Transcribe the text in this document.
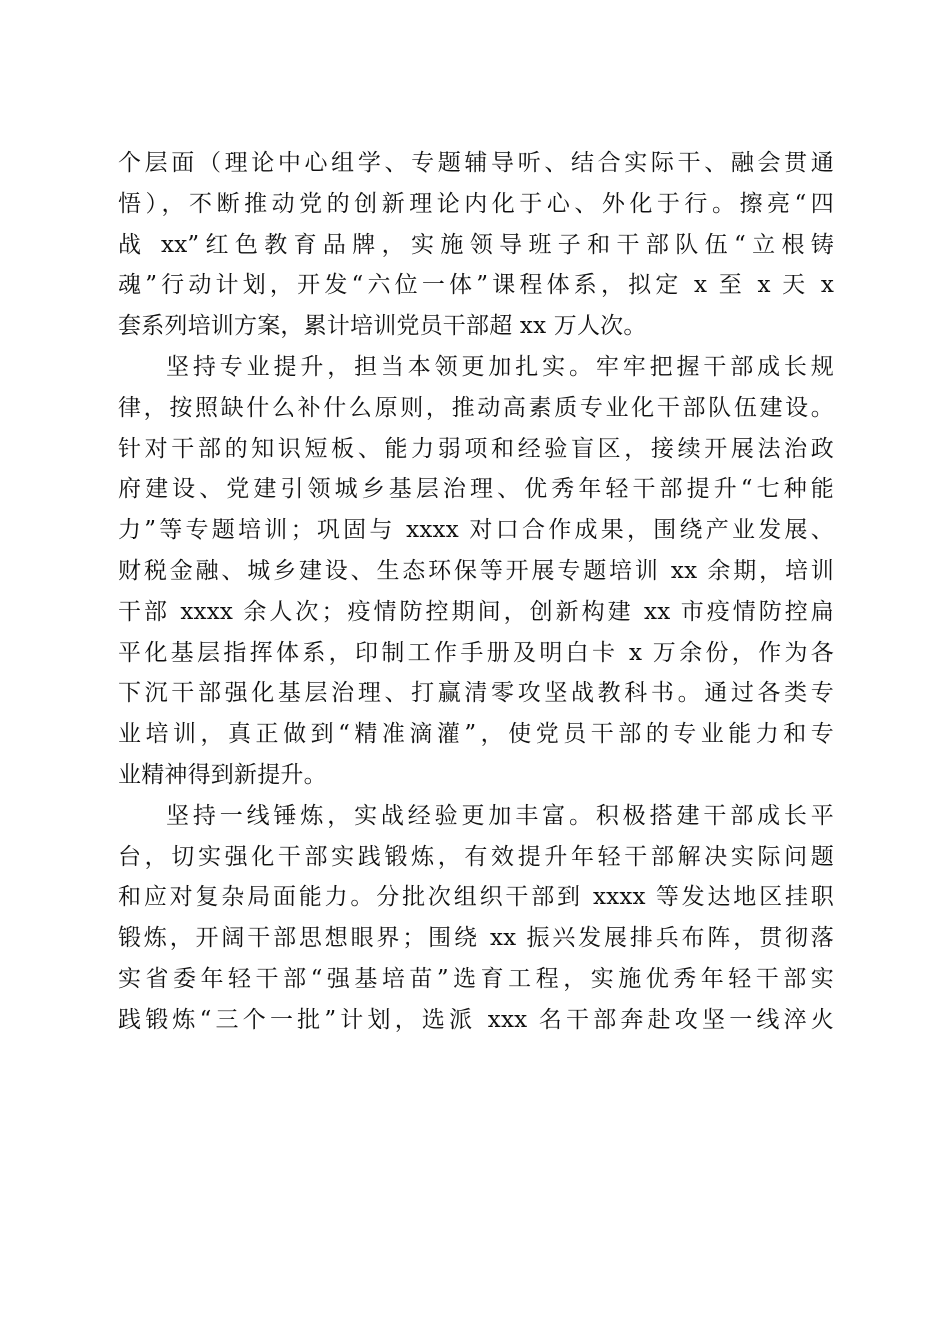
个层面（理论中心组学、专题辅导听、结合实际干、融会贯通
悟），不断推动党的创新理论内化于心、外化于行。擦亮“四
战 xx”红色教育品牌，实施领导班子和干部队伍“立根铸
魂”行动计划，开发“六位一体”课程体系，拟定 x 至 x 天 x
套系列培训方案，累计培训党员干部超 xx 万人次。
坚持专业提升，担当本领更加扎实。牢牢把握干部成长规
律，按照缺什么补什么原则，推动高素质专业化干部队伍建设。
针对干部的知识短板、能力弱项和经验盲区，接续开展法治政
府建设、党建引领城乡基层治理、优秀年轻干部提升“七种能
力”等专题培训；巩固与 xxxx 对口合作成果，围绕产业发展、
财税金融、城乡建设、生态环保等开展专题培训 xx 余期，培训
干部 xxxx 余人次；疫情防控期间，创新构建 xx 市疫情防控扁
平化基层指挥体系，印制工作手册及明白卡 x 万余份，作为各
下沉干部强化基层治理、打赢清零攻坚战教科书。通过各类专
业培训，真正做到“精准滴灌”，使党员干部的专业能力和专
业精神得到新提升。
坚持一线锤炼，实战经验更加丰富。积极搭建干部成长平
台，切实强化干部实践锻炼，有效提升年轻干部解决实际问题
和应对复杂局面能力。分批次组织干部到 xxxx 等发达地区挂职
锻炼，开阔干部思想眼界；围绕 xx 振兴发展排兵布阵，贯彻落
实省委年轻干部“强基培苗”选育工程，实施优秀年轻干部实
践锻炼“三个一批”计划，选派 xxx 名干部奔赴攻坚一线淬火
